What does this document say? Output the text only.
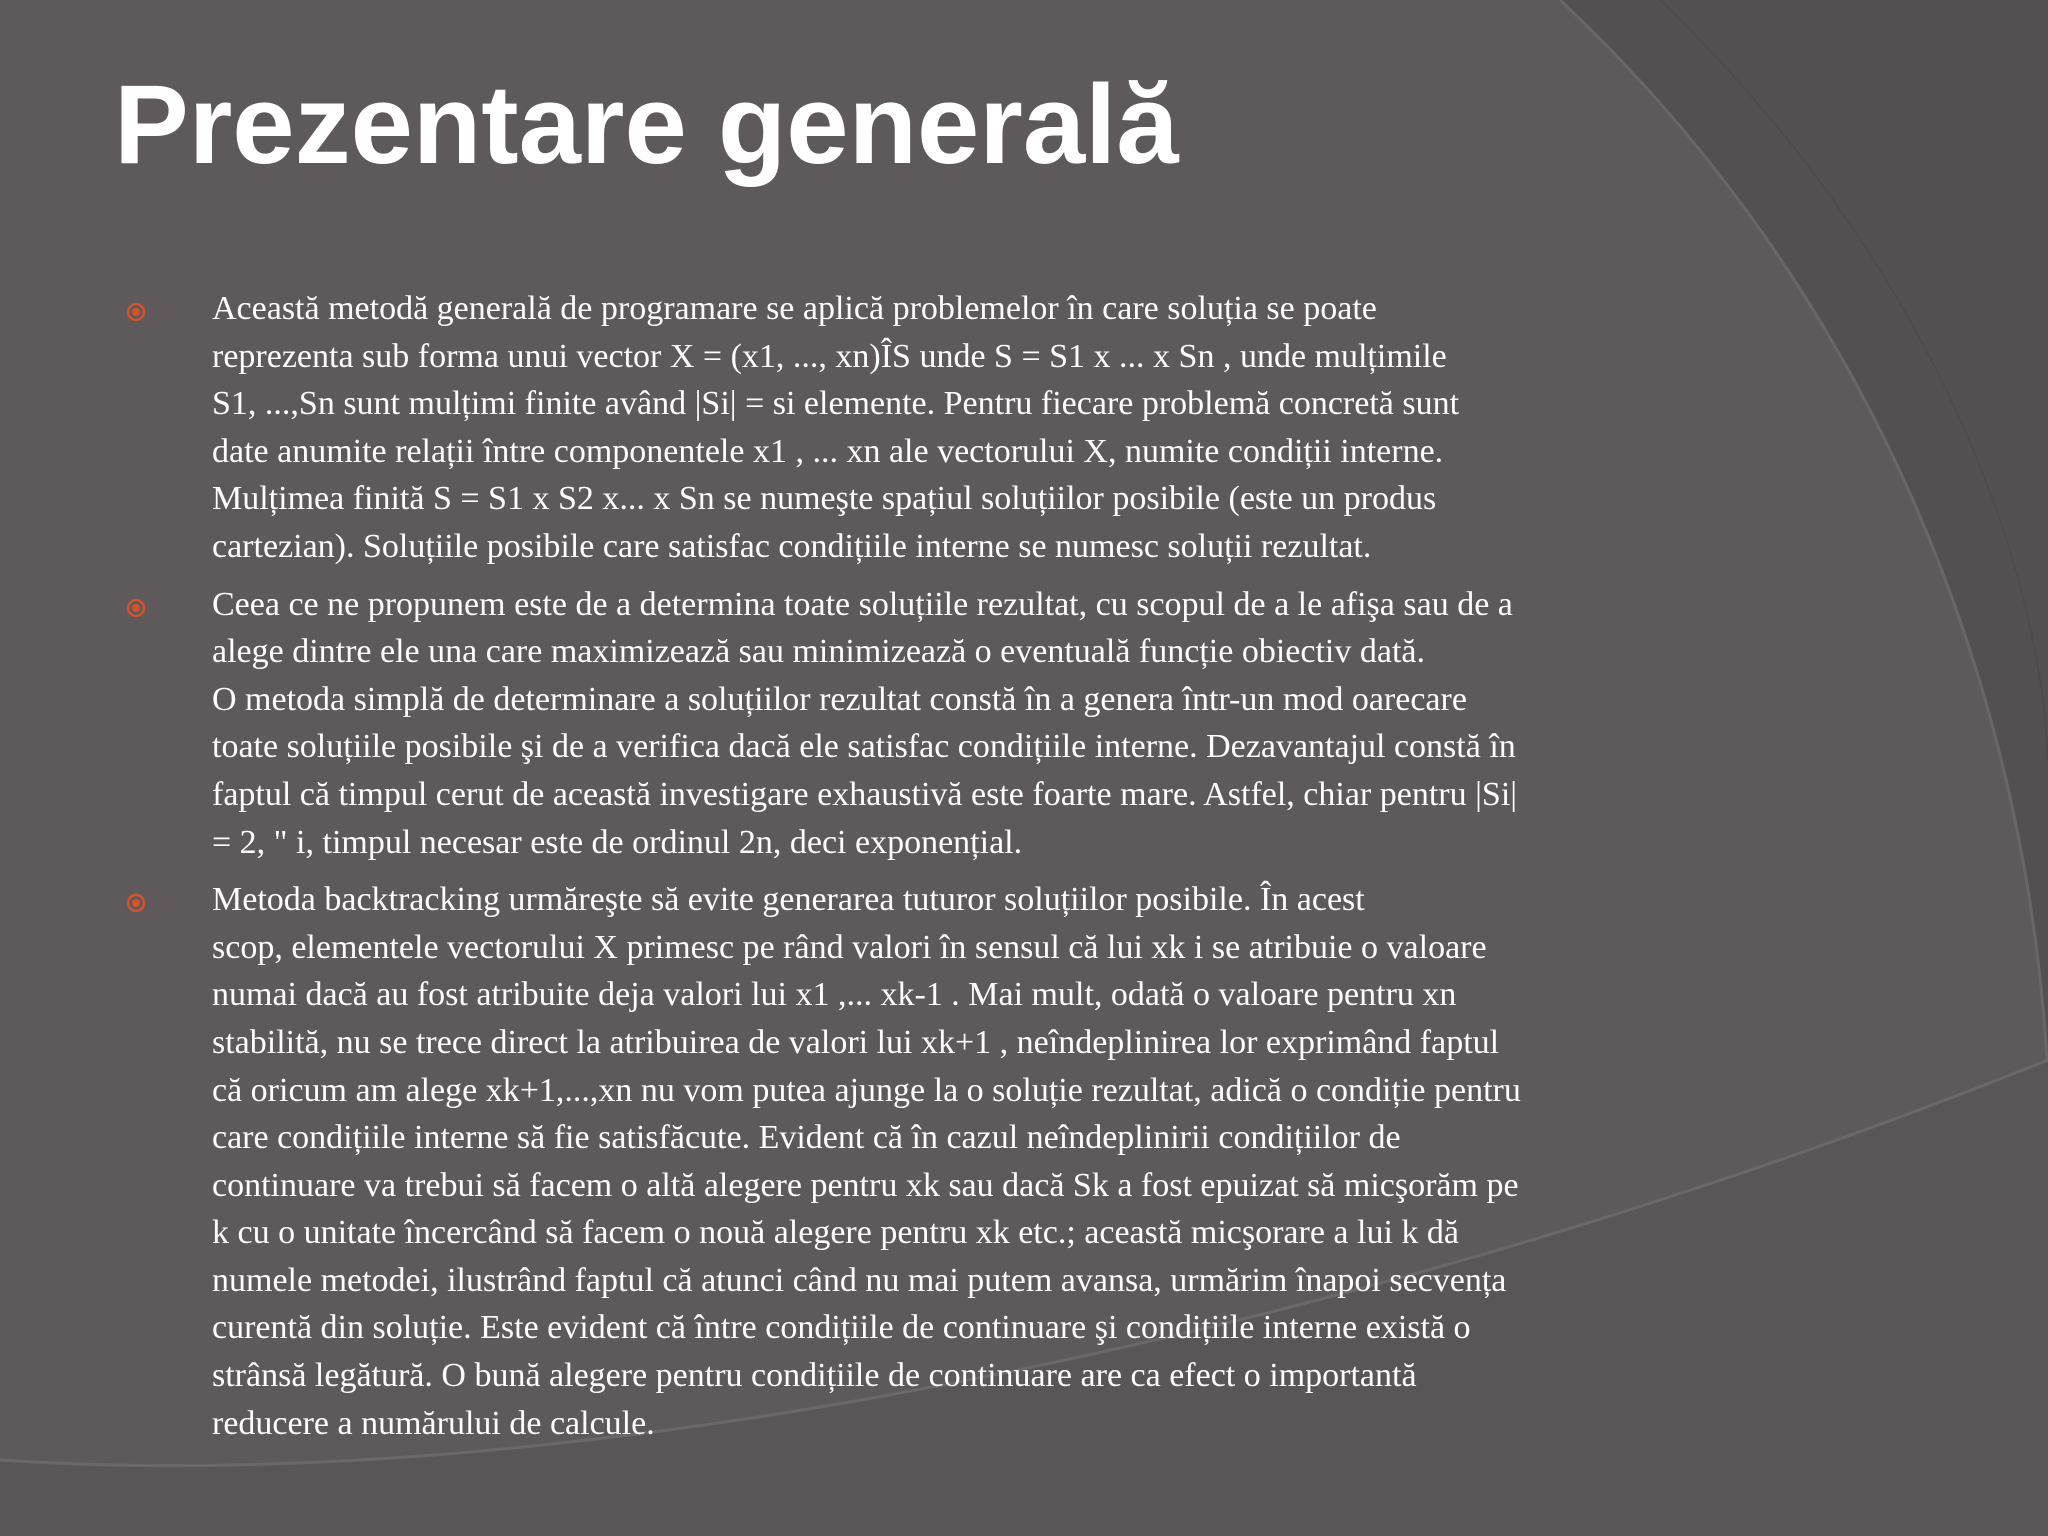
Prezentare generală

Această metodă generală de programare se aplică problemelor în care soluția se poate
reprezenta sub forma unui vector X = (x1, ..., xn)ÎS unde S = S1 x ... x Sn , unde mulțimile
S1, ...,Sn sunt mulțimi finite având |Si| = si elemente. Pentru fiecare problemă concretă sunt
date anumite relații între componentele x1 , ... xn ale vectorului X, numite condiții interne.
Mulțimea finită S = S1 x S2 x... x Sn se numeşte spațiul soluțiilor posibile (este un produs
cartezian). Soluțiile posibile care satisfac condițiile interne se numesc soluții rezultat.

Ceea ce ne propunem este de a determina toate soluțiile rezultat, cu scopul de a le afişa sau de a
alege dintre ele una care maximizează sau minimizează o eventuală funcție obiectiv dată.
O metoda simplă de determinare a soluțiilor rezultat constă în a genera într-un mod oarecare
toate soluțiile posibile şi de a verifica dacă ele satisfac condițiile interne. Dezavantajul constă în
faptul că timpul cerut de această investigare exhaustivă este foarte mare. Astfel, chiar pentru |Si|
= 2, " i, timpul necesar este de ordinul 2n, deci exponențial.

Metoda backtracking urmăreşte să evite generarea tuturor soluțiilor posibile. În acest
scop, elementele vectorului X primesc pe rând valori în sensul că lui xk i se atribuie o valoare
numai dacă au fost atribuite deja valori lui x1 ,... xk-1 . Mai mult, odată o valoare pentru xn
stabilită, nu se trece direct la atribuirea de valori lui xk+1 , neîndeplinirea lor exprimând faptul
că oricum am alege xk+1,...,xn nu vom putea ajunge la o soluție rezultat, adică o condiție pentru
care condițiile interne să fie satisfăcute. Evident că în cazul neîndeplinirii condițiilor de
continuare va trebui să facem o altă alegere pentru xk sau dacă Sk a fost epuizat să micşorăm pe
k cu o unitate încercând să facem o nouă alegere pentru xk etc.; această micşorare a lui k dă
numele metodei, ilustrând faptul că atunci când nu mai putem avansa, urmărim înapoi secvența
curentă din soluție. Este evident că între condițiile de continuare şi condițiile interne există o
strânsă legătură. O bună alegere pentru condițiile de continuare are ca efect o importantă
reducere a numărului de calcule.
